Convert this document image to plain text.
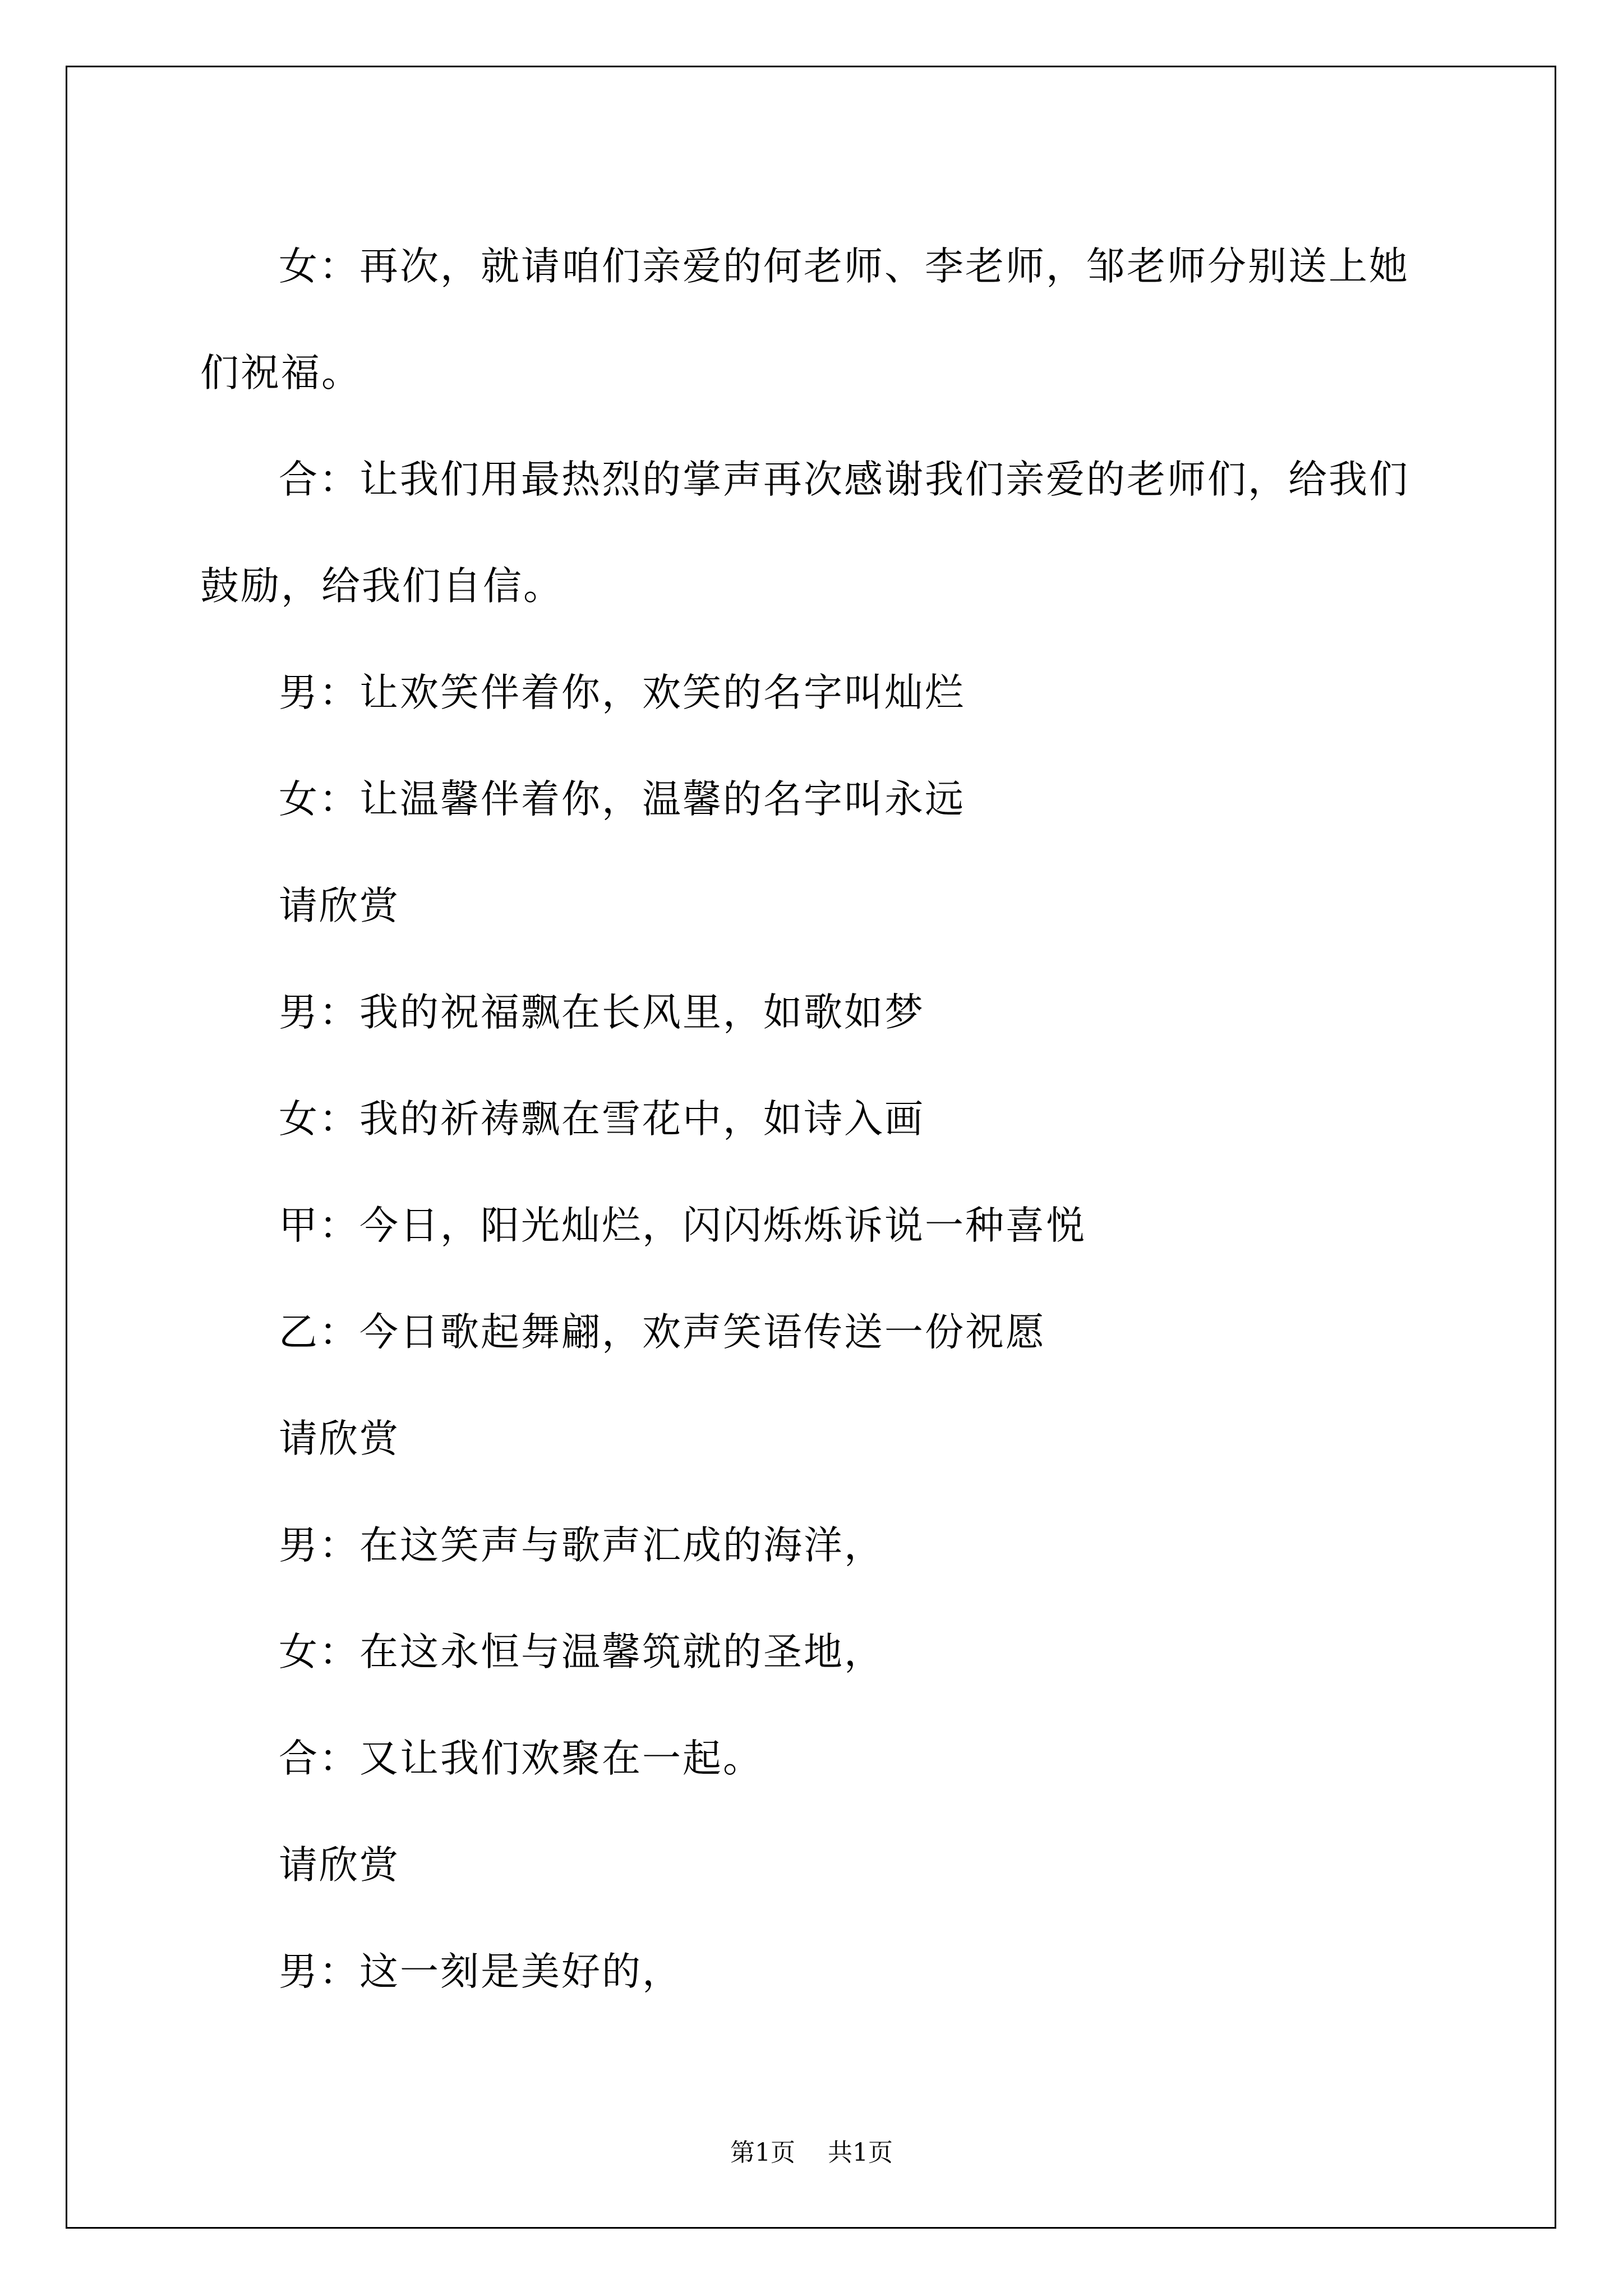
女：再次，就请咱们亲爱的何老师、李老师，邹老师分别送上她们祝福。

合：让我们用最热烈的掌声再次感谢我们亲爱的老师们，给我们鼓励，给我们自信。

男：让欢笑伴着你，欢笑的名字叫灿烂

女：让温馨伴着你，温馨的名字叫永远

请欣赏

男：我的祝福飘在长风里，如歌如梦

女：我的祈祷飘在雪花中，如诗入画

甲：今日，阳光灿烂，闪闪烁烁诉说一种喜悦

乙：今日歌起舞翩，欢声笑语传送一份祝愿

请欣赏

男：在这笑声与歌声汇成的海洋，

女：在这永恒与温馨筑就的圣地，

合：又让我们欢聚在一起。

请欣赏

男：这一刻是美好的，

第1页 共1页
